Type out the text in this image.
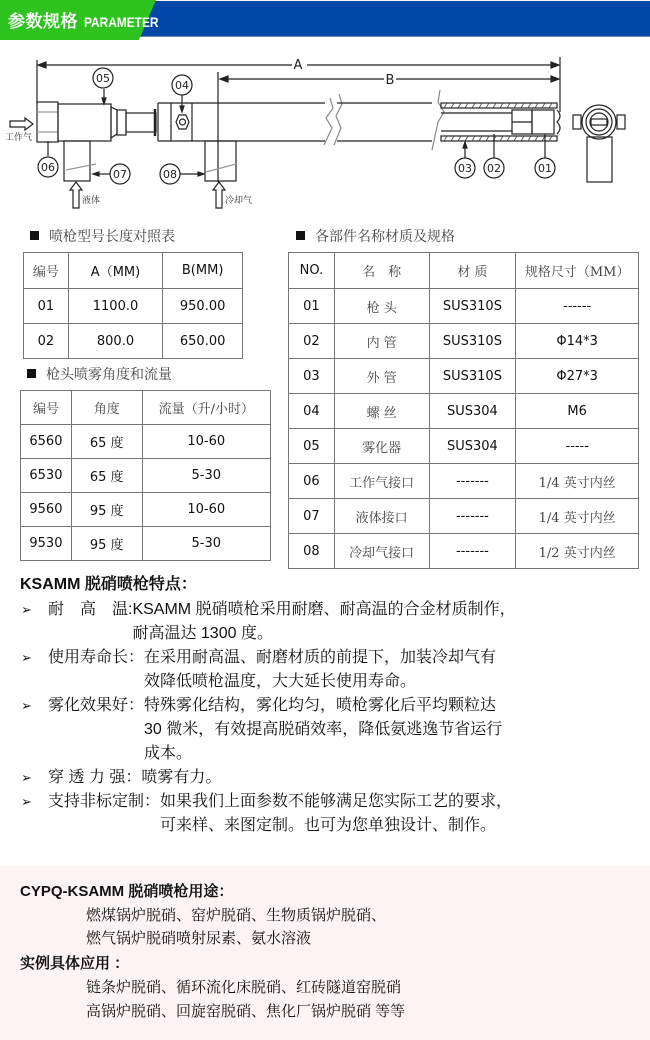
参数规格 PARAMETER
05
04
06
07	08	03 02	01
A
B
工作气
液体	冷却气
喷枪型号长度对照表
编号	A（MM)	B(MM)
01	1100.0	950.00
02	800.0	650.00
枪头喷雾角度和流量
编号	角度	流量（升/小时）
6560	65 度	10-60
6530	65 度	5-30
9560	95 度	10-60
9530	95 度	5-30
各部件名称材质及规格
NO.	名　称	材 质	规格尺寸（MM）
01	枪 头	SUS310S	------
02	内 管	SUS310S	Φ14*3
03	外 管	SUS310S	Φ27*3
04	螺 丝	SUS304	M6
05	雾化器	SUS304	-----
06	工作气接口	-------	1/4 英寸内丝
07	液体接口	-------	1/4 英寸内丝
08	冷却气接口	-------	1/2 英寸内丝
KSAMM 脱硝喷枪特点：
➢	耐　高　温: KSAMM 脱硝喷枪采用耐磨、耐高温的合金材质制作，
耐高温达 1300 度。
➢	使用寿命长： 在采用耐高温、耐磨材质的前提下，加装冷却气有
效降低喷枪温度，大大延长使用寿命。
➢	雾化效果好： 特殊雾化结构，雾化均匀，喷枪雾化后平均颗粒达
30 微米，有效提高脱硝效率，降低氨逃逸节省运行
成本。
➢	穿 透 力 强： 喷雾有力。
➢	支持非标定制： 如果我们上面参数不能够满足您实际工艺的要求，
可来样、来图定制。也可为您单独设计、制作。
CYPQ-KSAMM 脱硝喷枪用途：
燃煤锅炉脱硝、窑炉脱硝、生物质锅炉脱硝、
燃气锅炉脱硝喷射尿素、氨水溶液
实例具体应用 ：
链条炉脱硝、循环流化床脱硝、红砖隧道窑脱硝
高锅炉脱硝、回旋窑脱硝、焦化厂锅炉脱硝 等等
